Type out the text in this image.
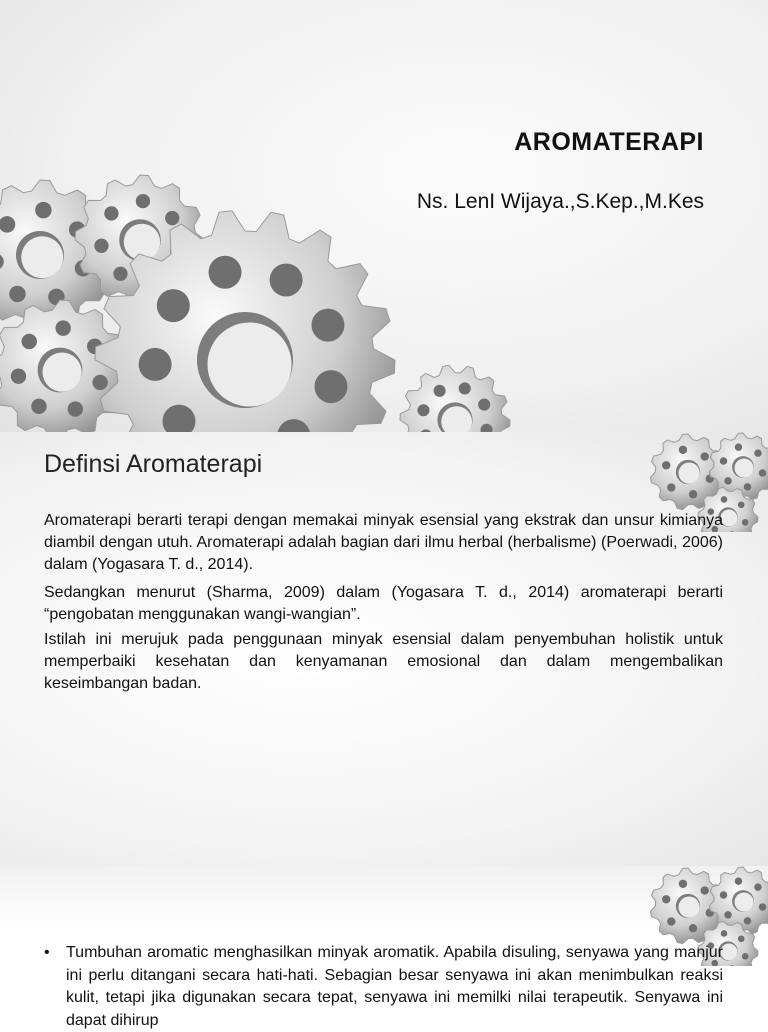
AROMATERAPI
Ns. LenI Wijaya.,S.Kep.,M.Kes
Definsi Aromaterapi

Aromaterapi berarti terapi dengan memakai minyak esensial yang ekstrak dan unsur kimianya diambil dengan utuh. Aromaterapi adalah bagian dari ilmu herbal (herbalisme) (Poerwadi, 2006) dalam (Yogasara T. d., 2014).

Sedangkan menurut (Sharma, 2009) dalam (Yogasara T. d., 2014) aromaterapi berarti “pengobatan menggunakan wangi-wangian”.

Istilah ini merujuk pada penggunaan minyak esensial dalam penyembuhan holistik untuk memperbaiki kesehatan dan kenyamanan emosional dan dalam mengembalikan keseimbangan badan.

• Tumbuhan aromatic menghasilkan minyak aromatik. Apabila disuling, senyawa yang manjur ini perlu ditangani secara hati-hati. Sebagian besar senyawa ini akan menimbulkan reaksi kulit, tetapi jika digunakan secara tepat, senyawa ini memilki nilai terapeutik. Senyawa ini dapat dihirup
